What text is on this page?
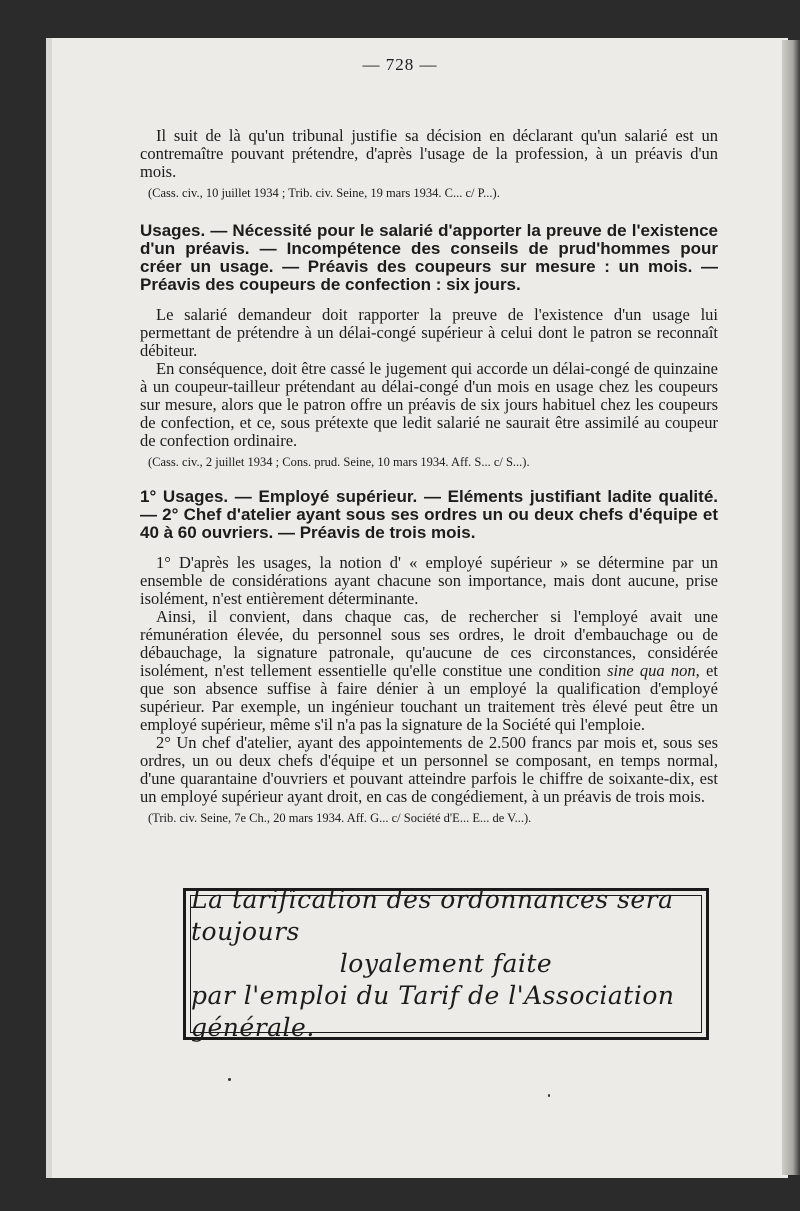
— 728 —

Il suit de là qu'un tribunal justifie sa décision en déclarant qu'un salarié est un contremaître pouvant prétendre, d'après l'usage de la profession, à un préavis d'un mois.

(Cass. civ., 10 juillet 1934 ; Trib. civ. Seine, 19 mars 1934. C... c/ P...).

Usages. — Nécessité pour le salarié d'apporter la preuve de l'existence d'un préavis. — Incompétence des conseils de prud'hommes pour créer un usage. — Préavis des coupeurs sur mesure : un mois. — Préavis des coupeurs de confection : six jours.

Le salarié demandeur doit rapporter la preuve de l'existence d'un usage lui permettant de prétendre à un délai-congé supérieur à celui dont le patron se reconnaît débiteur.

En conséquence, doit être cassé le jugement qui accorde un délai-congé de quinzaine à un coupeur-tailleur prétendant au délai-congé d'un mois en usage chez les coupeurs sur mesure, alors que le patron offre un préavis de six jours habituel chez les coupeurs de confection, et ce, sous prétexte que ledit salarié ne saurait être assimilé au coupeur de confection ordinaire.

(Cass. civ., 2 juillet 1934 ; Cons. prud. Seine, 10 mars 1934. Aff. S... c/ S...).

1° Usages. — Employé supérieur. — Eléments justifiant ladite qualité. — 2° Chef d'atelier ayant sous ses ordres un ou deux chefs d'équipe et 40 à 60 ouvriers. — Préavis de trois mois.

1° D'après les usages, la notion d' « employé supérieur » se détermine par un ensemble de considérations ayant chacune son importance, mais dont aucune, prise isolément, n'est entièrement déterminante.

Ainsi, il convient, dans chaque cas, de rechercher si l'employé avait une rémunération élevée, du personnel sous ses ordres, le droit d'embauchage ou de débauchage, la signature patronale, qu'aucune de ces circonstances, considérée isolément, n'est tellement essentielle qu'elle constitue une condition sine qua non, et que son absence suffise à faire dénier à un employé la qualification d'employé supérieur. Par exemple, un ingénieur touchant un traitement très élevé peut être un employé supérieur, même s'il n'a pas la signature de la Société qui l'emploie.

2° Un chef d'atelier, ayant des appointements de 2.500 francs par mois et, sous ses ordres, un ou deux chefs d'équipe et un personnel se composant, en temps normal, d'une quarantaine d'ouvriers et pouvant atteindre parfois le chiffre de soixante-dix, est un employé supérieur ayant droit, en cas de congédiement, à un préavis de trois mois.

(Trib. civ. Seine, 7e Ch., 20 mars 1934. Aff. G... c/ Société d'E... E... de V...).

La tarification des ordonnances sera toujours
loyalement faite
par l'emploi du Tarif de l'Association générale.
